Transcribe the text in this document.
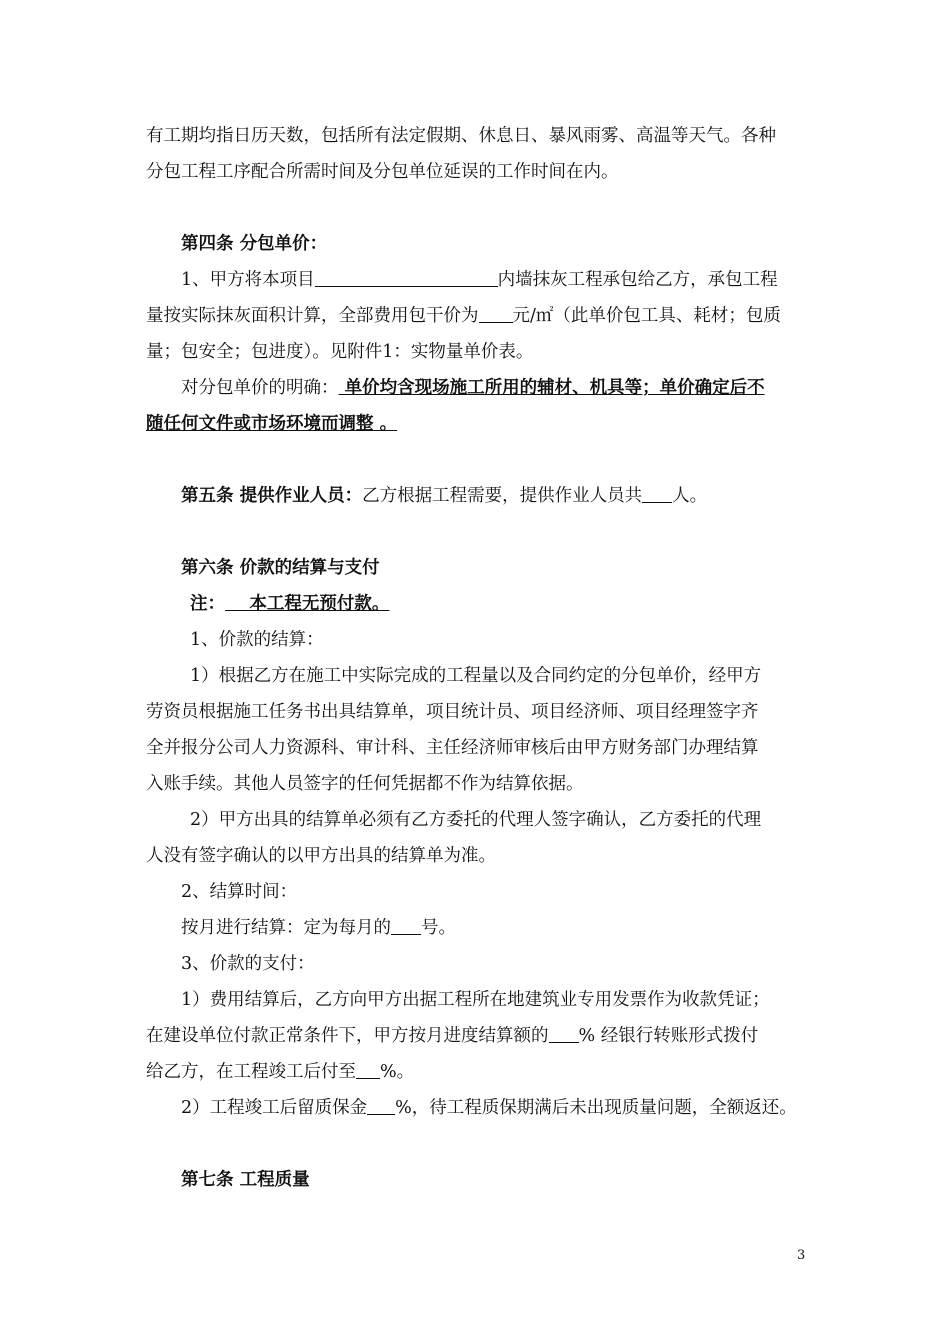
有工期均指日历天数，包括所有法定假期、休息日、暴风雨雾、高温等天气。各种
分包工程工序配合所需时间及分包单位延误的工作时间在内。
第四条 分包单价：
1、甲方将本项目	内墙抹灰工程承包给乙方，承包工程
量按实际抹灰面积计算，全部费用包干价为 元/㎡（此单价包工具、耗材；包质
量；包安全；包进度）。见附件1：实物量单价表。
对分包单价的明确： 单价均含现场施工所用的辅材、机具等；单价确定后不
随任何文件或市场环境而调整 。
第五条 提供作业人员：乙方根据工程需要，提供作业人员共 人。
第六条 价款的结算与支付
注：    本工程无预付款。
1、价款的结算：
1）根据乙方在施工中实际完成的工程量以及合同约定的分包单价，经甲方
劳资员根据施工任务书出具结算单，项目统计员、项目经济师、项目经理签字齐
全并报分公司人力资源科、审计科、主任经济师审核后由甲方财务部门办理结算
入账手续。其他人员签字的任何凭据都不作为结算依据。
2）甲方出具的结算单必须有乙方委托的代理人签字确认，乙方委托的代理
人没有签字确认的以甲方出具的结算单为准。
2、结算时间：
按月进行结算：定为每月的 号。
3、价款的支付：
1）费用结算后，乙方向甲方出据工程所在地建筑业专用发票作为收款凭证；
在建设单位付款正常条件下，甲方按月进度结算额的 % 经银行转账形式拨付
给乙方，在工程竣工后付至 %。
2）工程竣工后留质保金 %，待工程质保期满后未出现质量问题，全额返还。
第七条 工程质量
3
